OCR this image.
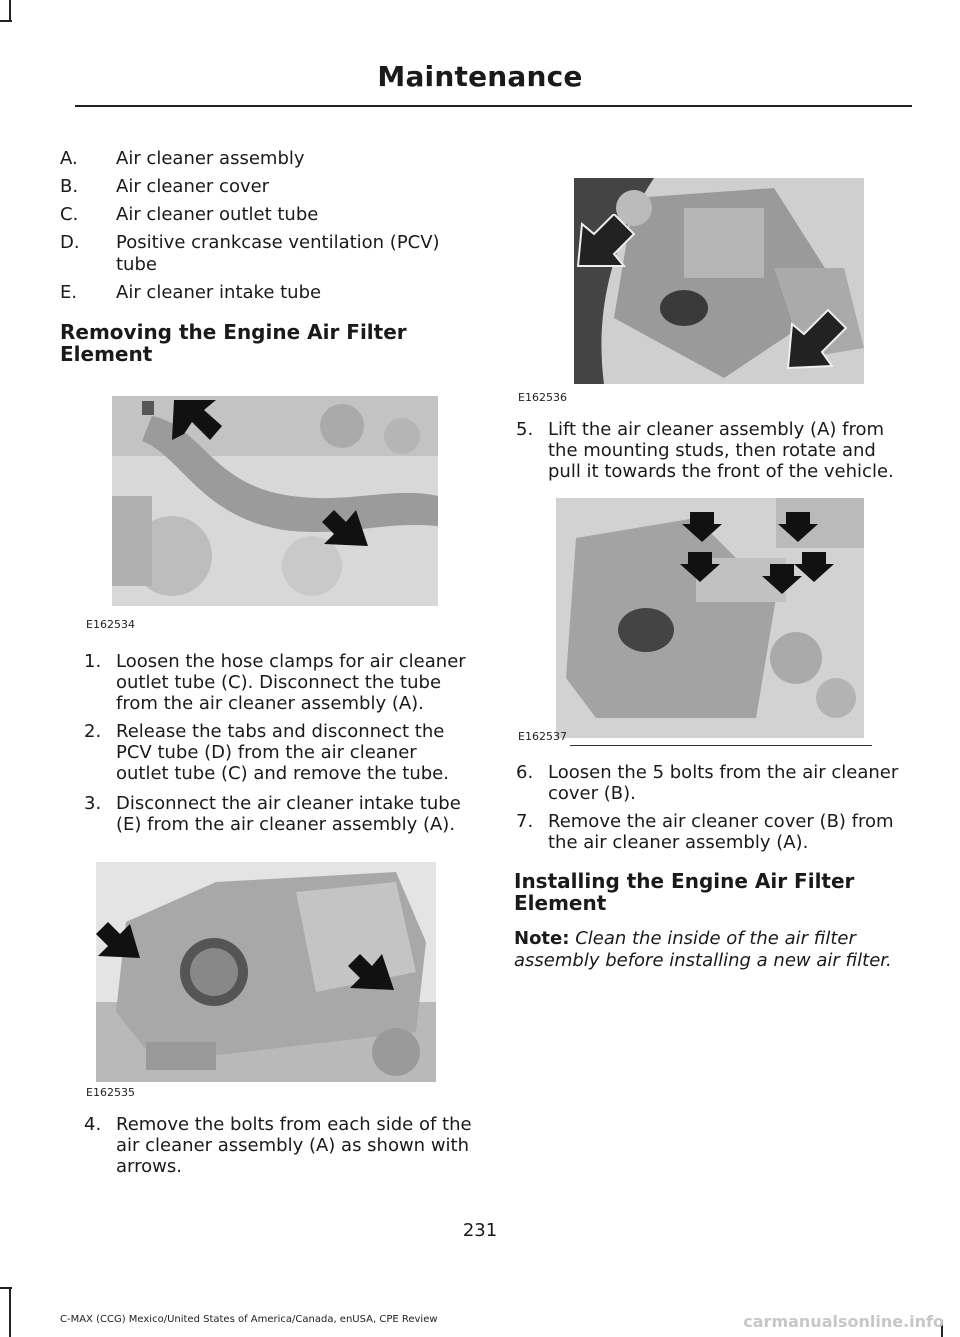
Maintenance
A. Air cleaner assembly
B. Air cleaner cover
C. Air cleaner outlet tube
D. Positive crankcase ventilation (PCV)
tube
E. Air cleaner intake tube
Removing the Engine Air Filter
Element
E162534
1. Loosen the hose clamps for air cleaner
outlet tube (C). Disconnect the tube
from the air cleaner assembly (A).
2. Release the tabs and disconnect the
PCV tube (D) from the air cleaner
outlet tube (C) and remove the tube.
3. Disconnect the air cleaner intake tube
(E) from the air cleaner assembly (A).
E162535
4. Remove the bolts from each side of the
air cleaner assembly (A) as shown with
arrows.
E162536
5. Lift the air cleaner assembly (A) from
the mounting studs, then rotate and
pull it towards the front of the vehicle.
E162537
6. Loosen the 5 bolts from the air cleaner
cover (B).
7. Remove the air cleaner cover (B) from
the air cleaner assembly (A).
Installing the Engine Air Filter
Element
Note: Clean the inside of the air filter
assembly before installing a new air filter.
231
C-MAX (CCG) Mexico/United States of America/Canada, enUSA, CPE Review	carmanualsonline.info
